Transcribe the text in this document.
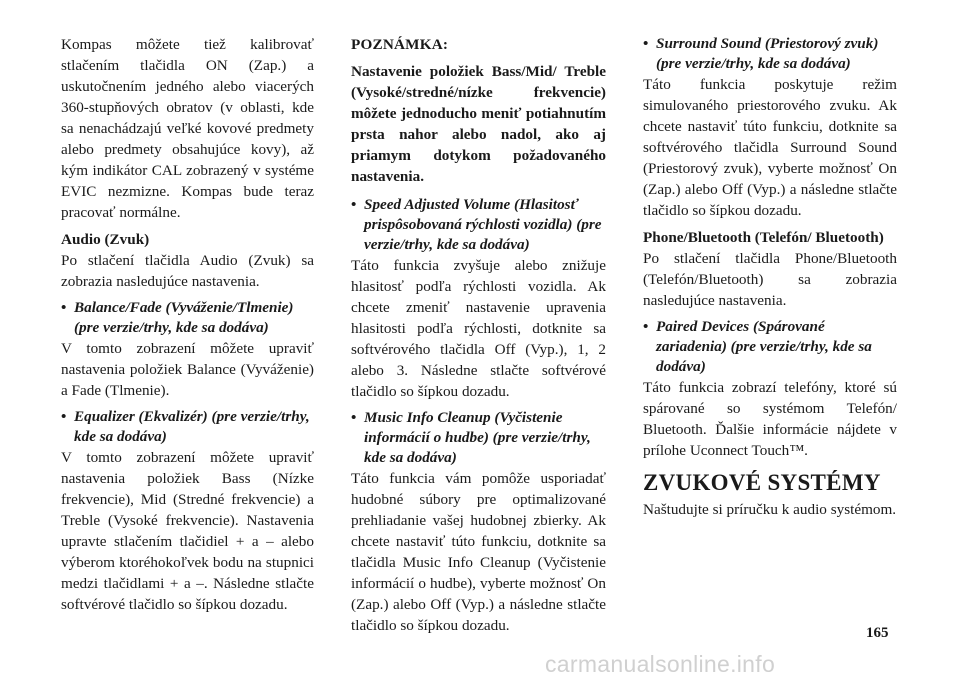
Kompas môžete tiež kalibrovať stlačením tlačidla ON (Zap.) a uskutočnením jedného alebo viacerých 360-stupňových obratov (v oblasti, kde sa nenachádzajú veľké kovové predmety alebo predmety obsahujúce kovy), až kým indikátor CAL zobrazený v systéme EVIC nezmizne. Kompas bude teraz pracovať normálne.

Audio (Zvuk)

Po stlačení tlačidla Audio (Zvuk) sa zobrazia nasledujúce nastavenia.

• Balance/Fade (Vyváženie/Tlmenie) (pre verzie/trhy, kde sa dodáva)

V tomto zobrazení môžete upraviť nastavenia položiek Balance (Vyváženie) a Fade (Tlmenie).

• Equalizer (Ekvalizér) (pre verzie/trhy, kde sa dodáva)

V tomto zobrazení môžete upraviť nastavenia položiek Bass (Nízke frekvencie), Mid (Stredné frekvencie) a Treble (Vysoké frekvencie). Nastavenia upravte stlačením tlačidiel + a – alebo výberom ktoréhokoľvek bodu na stupnici medzi tlačidlami + a –. Následne stlačte softvérové tlačidlo so šípkou dozadu.

POZNÁMKA:

Nastavenie položiek Bass/Mid/ Treble (Vysoké/stredné/nízke frekvencie) môžete jednoducho meniť potiahnutím prsta nahor alebo nadol, ako aj priamym dotykom požadovaného nastavenia.

• Speed Adjusted Volume (Hlasitosť prispôsobovaná rýchlosti vozidla) (pre verzie/trhy, kde sa dodáva)

Táto funkcia zvyšuje alebo znižuje hlasitosť podľa rýchlosti vozidla. Ak chcete zmeniť nastavenie upravenia hlasitosti podľa rýchlosti, dotknite sa softvérového tlačidla Off (Vyp.), 1, 2 alebo 3. Následne stlačte softvérové tlačidlo so šípkou dozadu.

• Music Info Cleanup (Vyčistenie informácií o hudbe) (pre verzie/trhy, kde sa dodáva)

Táto funkcia vám pomôže usporiadať hudobné súbory pre optimalizované prehliadanie vašej hudobnej zbierky. Ak chcete nastaviť túto funkciu, dotknite sa tlačidla Music Info Cleanup (Vyčistenie informácií o hudbe), vyberte možnosť On (Zap.) alebo Off (Vyp.) a následne stlačte tlačidlo so šípkou dozadu.

• Surround Sound (Priestorový zvuk) (pre verzie/trhy, kde sa dodáva)

Táto funkcia poskytuje režim simulovaného priestorového zvuku. Ak chcete nastaviť túto funkciu, dotknite sa softvérového tlačidla Surround Sound (Priestorový zvuk), vyberte možnosť On (Zap.) alebo Off (Vyp.) a následne stlačte tlačidlo so šípkou dozadu.

Phone/Bluetooth (Telefón/ Bluetooth)

Po stlačení tlačidla Phone/Bluetooth (Telefón/Bluetooth) sa zobrazia nasledujúce nastavenia.

• Paired Devices (Spárované zariadenia) (pre verzie/trhy, kde sa dodáva)

Táto funkcia zobrazí telefóny, ktoré sú spárované so systémom Telefón/ Bluetooth. Ďalšie informácie nájdete v prílohe Uconnect Touch™.

ZVUKOVÉ SYSTÉMY

Naštudujte si príručku k audio systémom.

165
carmanualsonline.info
